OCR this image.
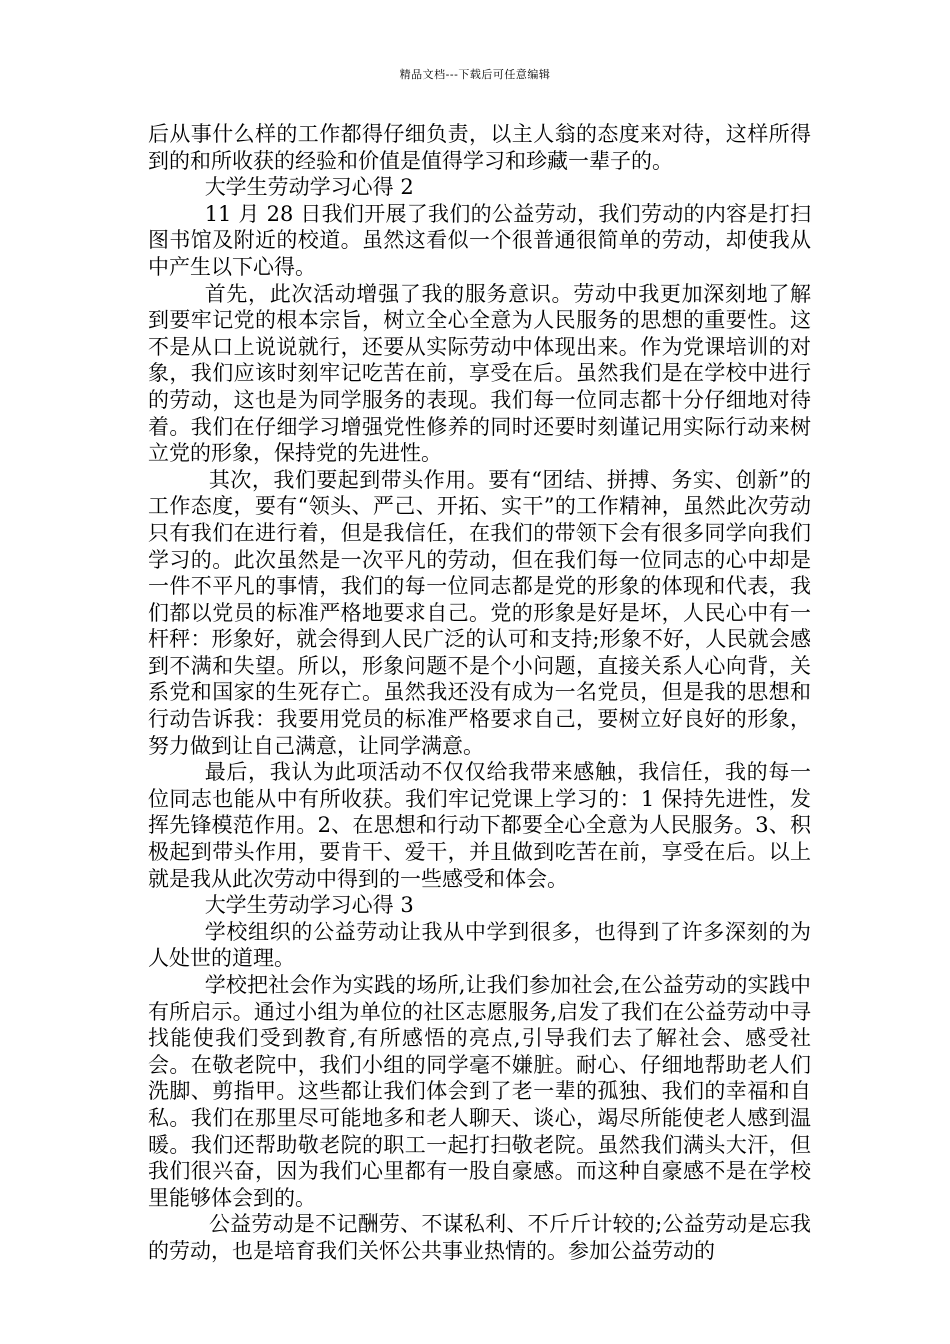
精品文档---下载后可任意编辑

后从事什么样的工作都得仔细负责，以主人翁的态度来对待，这样所得到的和所收获的经验和价值是值得学习和珍藏一辈子的。

大学生劳动学习心得 2

11 月 28 日我们开展了我们的公益劳动，我们劳动的内容是打扫图书馆及附近的校道。虽然这看似一个很普通很简单的劳动，却使我从中产生以下心得。

首先，此次活动增强了我的服务意识。劳动中我更加深刻地了解到要牢记党的根本宗旨，树立全心全意为人民服务的思想的重要性。这不是从口上说说就行，还要从实际劳动中体现出来。作为党课培训的对象，我们应该时刻牢记吃苦在前，享受在后。虽然我们是在学校中进行的劳动，这也是为同学服务的表现。我们每一位同志都十分仔细地对待着。我们在仔细学习增强党性修养的同时还要时刻谨记用实际行动来树立党的形象，保持党的先进性。

其次，我们要起到带头作用。要有“团结、拼搏、务实、创新”的工作态度，要有“领头、严己、开拓、实干”的工作精神，虽然此次劳动只有我们在进行着，但是我信任，在我们的带领下会有很多同学向我们学习的。此次虽然是一次平凡的劳动，但在我们每一位同志的心中却是一件不平凡的事情，我们的每一位同志都是党的形象的体现和代表，我们都以党员的标准严格地要求自己。党的形象是好是坏，人民心中有一杆秤：形象好，就会得到人民广泛的认可和支持;形象不好，人民就会感到不满和失望。所以，形象问题不是个小问题，直接关系人心向背，关系党和国家的生死存亡。虽然我还没有成为一名党员，但是我的思想和行动告诉我：我要用党员的标准严格要求自己，要树立好良好的形象，努力做到让自己满意，让同学满意。

最后，我认为此项活动不仅仅给我带来感触，我信任，我的每一位同志也能从中有所收获。我们牢记党课上学习的：1 保持先进性，发挥先锋模范作用。2、在思想和行动下都要全心全意为人民服务。3、积极起到带头作用，要肯干、爱干，并且做到吃苦在前，享受在后。以上就是我从此次劳动中得到的一些感受和体会。

大学生劳动学习心得 3

学校组织的公益劳动让我从中学到很多，也得到了许多深刻的为人处世的道理。

学校把社会作为实践的场所,让我们参加社会,在公益劳动的实践中有所启示。通过小组为单位的社区志愿服务,启发了我们在公益劳动中寻找能使我们受到教育,有所感悟的亮点,引导我们去了解社会、感受社会。在敬老院中，我们小组的同学毫不嫌脏。耐心、仔细地帮助老人们洗脚、剪指甲。这些都让我们体会到了老一辈的孤独、我们的幸福和自私。我们在那里尽可能地多和老人聊天、谈心，竭尽所能使老人感到温暖。我们还帮助敬老院的职工一起打扫敬老院。虽然我们满头大汗，但我们很兴奋，因为我们心里都有一股自豪感。而这种自豪感不是在学校里能够体会到的。

公益劳动是不记酬劳、不谋私利、不斤斤计较的;公益劳动是忘我的劳动，也是培育我们关怀公共事业热情的。参加公益劳动的
